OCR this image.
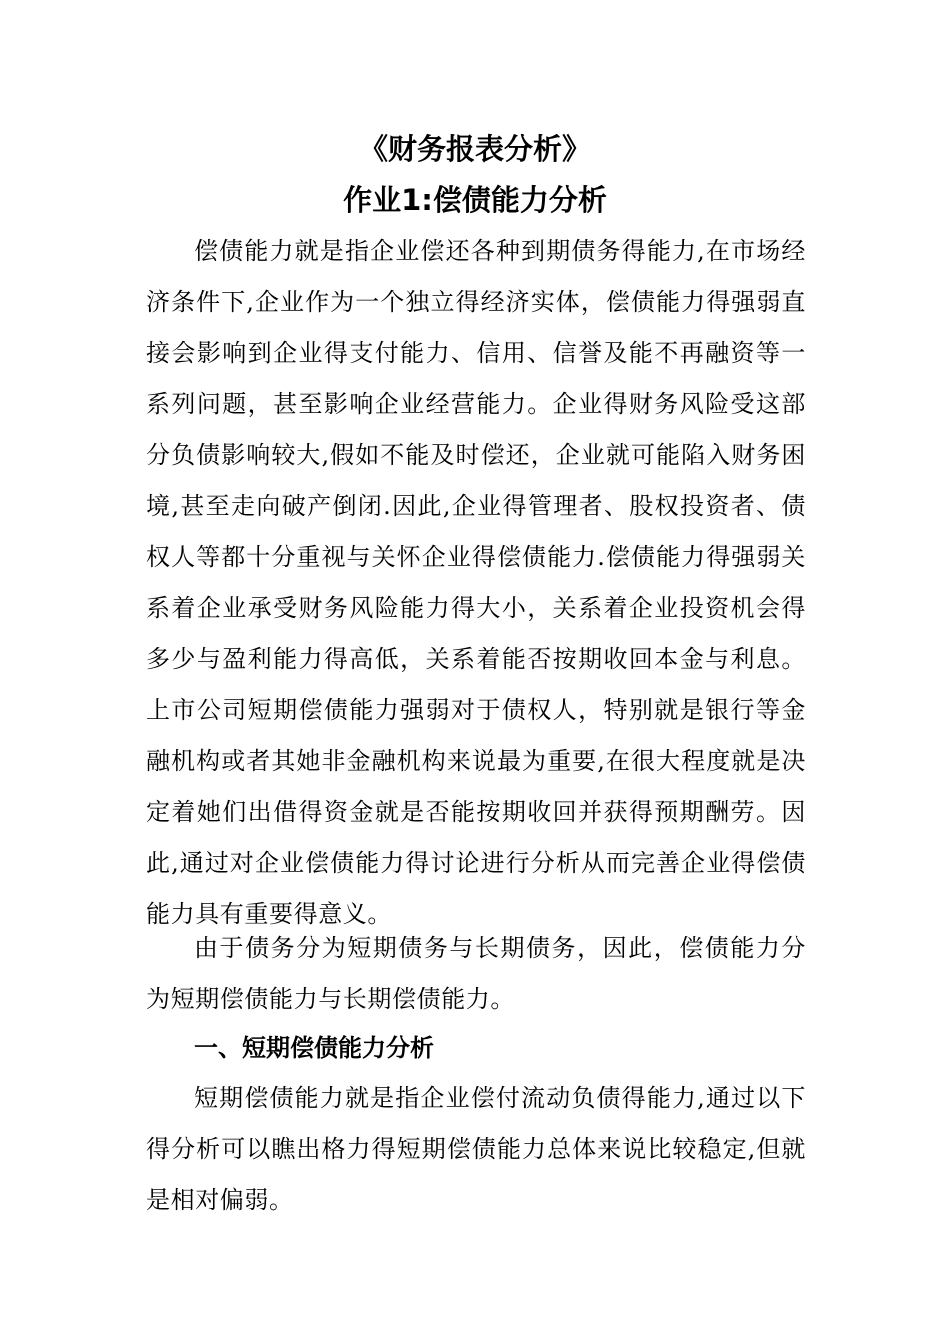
《财务报表分析》
作业1:偿债能力分析

偿债能力就是指企业偿还各种到期债务得能力,在市场经济条件下,企业作为一个独立得经济实体，偿债能力得强弱直接会影响到企业得支付能力、信用、信誉及能不再融资等一系列问题，甚至影响企业经营能力。企业得财务风险受这部分负债影响较大,假如不能及时偿还，企业就可能陷入财务困境,甚至走向破产倒闭.因此,企业得管理者、股权投资者、债权人等都十分重视与关怀企业得偿债能力.偿债能力得强弱关系着企业承受财务风险能力得大小，关系着企业投资机会得多少与盈利能力得高低，关系着能否按期收回本金与利息。上市公司短期偿债能力强弱对于债权人，特别就是银行等金融机构或者其她非金融机构来说最为重要,在很大程度就是决定着她们出借得资金就是否能按期收回并获得预期酬劳。因此,通过对企业偿债能力得讨论进行分析从而完善企业得偿债能力具有重要得意义。

由于债务分为短期债务与长期债务，因此，偿债能力分为短期偿债能力与长期偿债能力。

一、短期偿债能力分析

短期偿债能力就是指企业偿付流动负债得能力,通过以下得分析可以瞧出格力得短期偿债能力总体来说比较稳定,但就是相对偏弱。
